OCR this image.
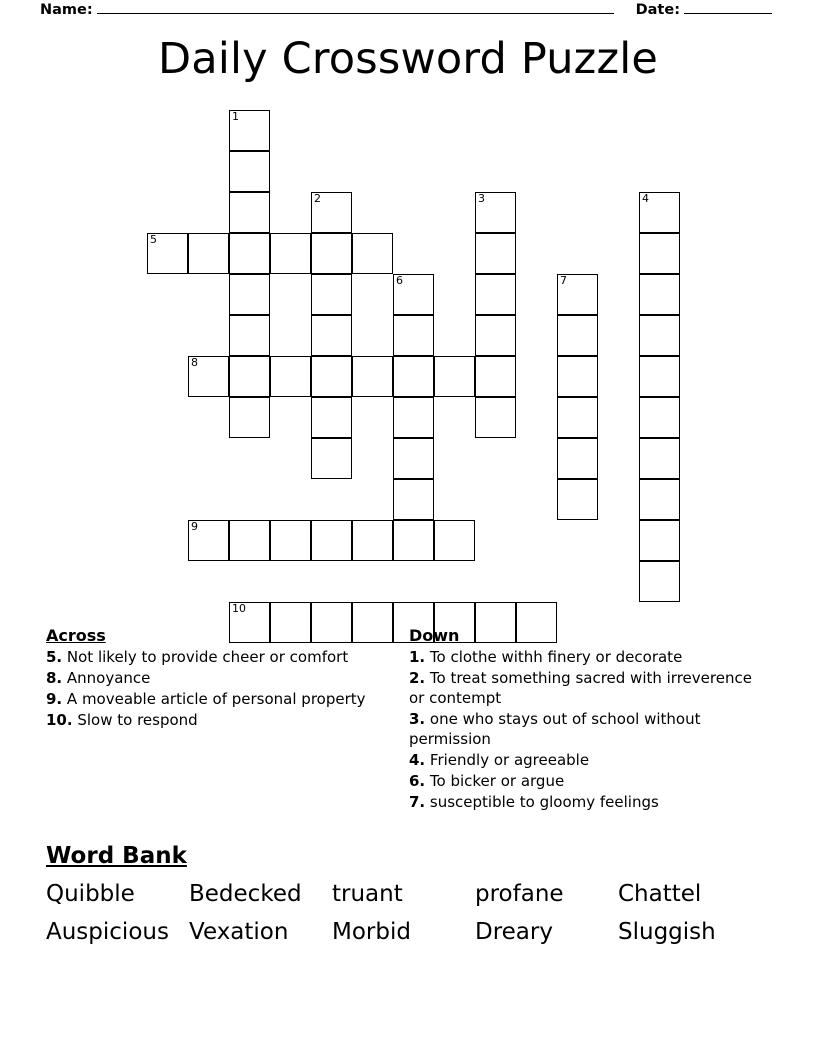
Name:	Date:
Daily Crossword Puzzle
1
2	3	4
5
6	7
8
9
10
Across
5. Not likely to provide cheer or comfort
8. Annoyance
9. A moveable article of personal property
10. Slow to respond
Down
1. To clothe withh finery or decorate
2. To treat something sacred with irreverence or contempt
3. one who stays out of school without permission
4. Friendly or agreeable
6. To bicker or argue
7. susceptible to gloomy feelings
Word Bank
Quibble	Bedecked	truant	profane	Chattel
Auspicious Vexation	Morbid	Dreary	Sluggish
